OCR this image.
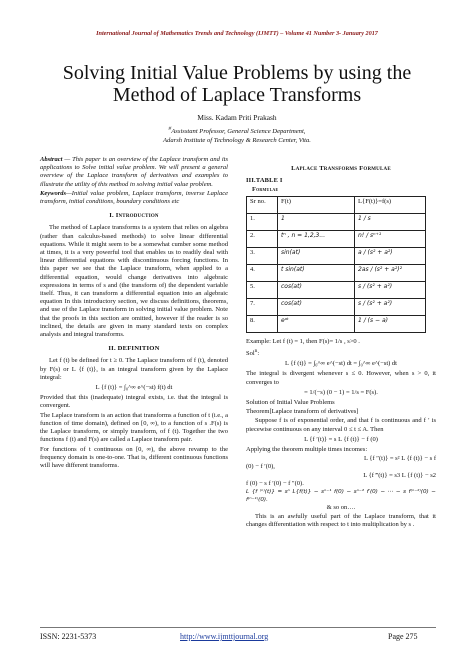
International Journal of Mathematics Trends and Technology (IJMTT) – Volume 41 Number 3- January 2017
Solving Initial Value Problems by using the
Method of Laplace Transforms
Miss. Kadam Priti Prakash
#Assisstant Professor, General Science Department,
Adarsh Institute of Technology & Research Center, Vita.

Abstract — This paper is an overview of the Laplace transform and its applications to Solve initial value problem. We will present a general overview of the Laplace transform of derivatives and examples to illustrate the utility of this method in solving initial value problem.

Keywords—Initial value problem, Laplace transform, inverse Laplace transform, initial conditions, boundary conditions etc

I. Introduction

The method of Laplace transforms is a system that relies on algebra (rather than calculus-based methods) to solve linear differential equations. While it might seem to be a somewhat cumber some method at times, it is a very powerful tool that enables us to readily deal with linear differential equations with discontinuous forcing functions. In this paper we see that the Laplace transform, when applied to a differential equation, would change derivatives into algebraic expressions in terms of s and (the transform of) the dependent variable itself. Thus, it can transform a differential equation into an algebraic equation In this introductory section, we discuss definitions, theorems, and use of the Laplace transform in solving initial value problem. Note that the proofs in this section are omitted, however if the reader is so inclined, the details are given in many standard texts on complex analysis and integral transforms.

II. DEFINITION

Let f (t) be defined for t ≥ 0. The Laplace transform of f (t), denoted by F(s) or L {f (t)}, is an integral transform given by the Laplace integral:

L {f (t)} = ∫₀^∞ e^(−st) f(t) dt

Provided that this (inadequate) integral exists, i.e. that the integral is convergent.

The Laplace transform is an action that transforms a function of t (i.e., a function of time domain), defined on [0, ∞), to a function of s .F(s) is the Laplace transform, or simply transform, of f (t). Together the two functions f (t) and F(s) are called a Laplace transform pair.

For functions of t continuous on [0, ∞), the above revamp to the frequency domain is one-to-one. That is, different continuous functions will have different transforms.

Laplace Transforms Formulae
III.TABLE I
Formulae
Sr no.	F(t)	L{F(t)}=f(s)
1.	1	1 / s
2.	tⁿ , n = 1,2,3...	n! / sⁿ⁺¹
3.	sin(at)	a / (s² + a²)
4.	t sin(at)	2as / (s² + a²)²
5.	cos(at)	s / (s² + a²)
7.	cos(at)	s / (s² + a²)
8.	eᵃᵗ	1 / (s − a)

Example: Let f (t) = 1, then F(s)= 1/s , s>0 .

Sol$^n$:

L {f (t)} = ∫₀^∞ e^(−st) dt = ∫₀^∞ e^(−st) dt

The integral is divergent whenever s ≤ 0. However, when s > 0, it converges to

= 1/(−s) (0 − 1) = 1/s = F(s).

Solution of Initial Value Problems

Theorem[Laplace transform of derivatives]

Suppose f is of exponential order, and that f is continuous and f ′ is piecewise continuous on any interval 0 ≤ t ≤ A. Then

L {f ′(t)} = s L {f (t)} − f (0)

Applying the theorem multiple times incomes:

L {f ″(t)} = s² L {f (t)} − s f
(0) − f ′(0),
L {f ‴(t)} = s3 L {f (t)} − s2
f (0) − s f ′(0) − f ″(0).
L {f ⁽ⁿ⁾(t)} = sⁿ L{f(t)} − sⁿ⁻¹ f(0) − sⁿ⁻² f′(0) − ⋯ − s f⁽ⁿ⁻²⁾(0) − f⁽ⁿ⁻¹⁾(0).
& so on….

This is an awfully useful part of the Laplace transform, that it changes differentiation with respect to t into multiplication by s .

ISSN: 2231-5373	http://www.ijmttjournal.org	Page 275
